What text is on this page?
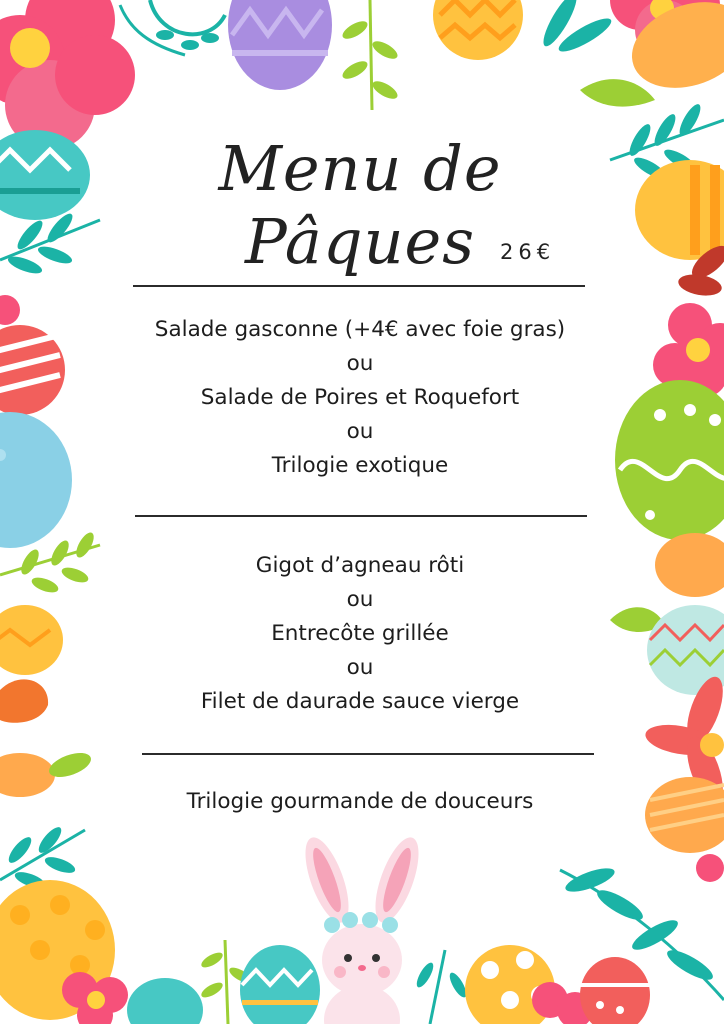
Menu de Pâques	26€
Salade gasconne (+4€ avec foie gras)
ou
Salade de Poires et Roquefort
ou
Trilogie exotique
Gigot d’agneau rôti
ou
Entrecôte grillée
ou
Filet de daurade sauce vierge
Trilogie gourmande de douceurs
